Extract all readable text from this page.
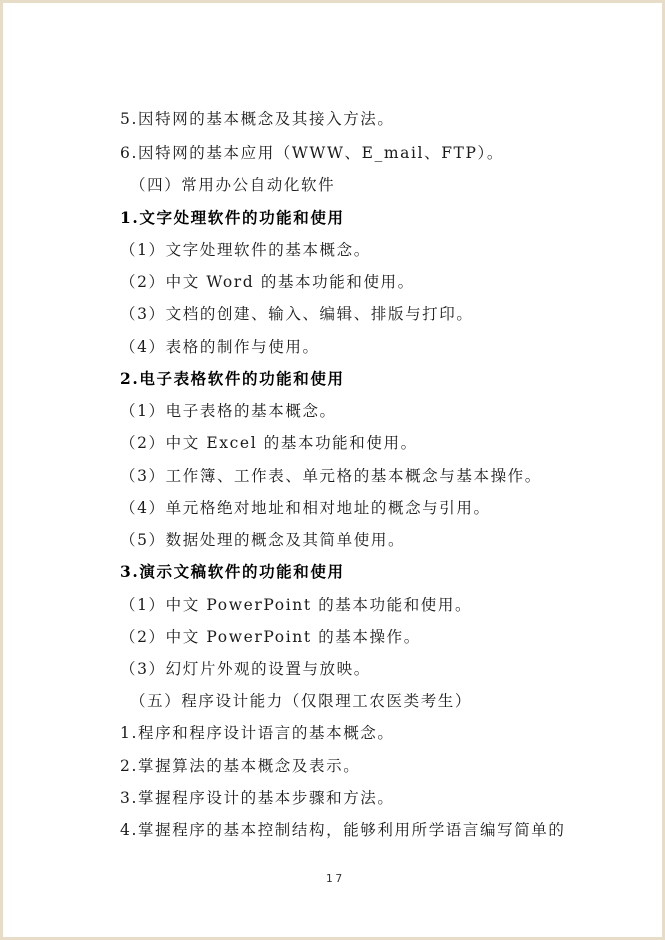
5.因特网的基本概念及其接入方法。
6.因特网的基本应用（WWW、E_mail、FTP）。
（四）常用办公自动化软件
1.文字处理软件的功能和使用
（1）文字处理软件的基本概念。
（2）中文 Word 的基本功能和使用。
（3）文档的创建、输入、编辑、排版与打印。
（4）表格的制作与使用。
2.电子表格软件的功能和使用
（1）电子表格的基本概念。
（2）中文 Excel 的基本功能和使用。
（3）工作簿、工作表、单元格的基本概念与基本操作。
（4）单元格绝对地址和相对地址的概念与引用。
（5）数据处理的概念及其简单使用。
3.演示文稿软件的功能和使用
（1）中文 PowerPoint 的基本功能和使用。
（2）中文 PowerPoint 的基本操作。
（3）幻灯片外观的设置与放映。
（五）程序设计能力（仅限理工农医类考生）
1.程序和程序设计语言的基本概念。
2.掌握算法的基本概念及表示。
3.掌握程序设计的基本步骤和方法。
4.掌握程序的基本控制结构，能够利用所学语言编写简单的
17
